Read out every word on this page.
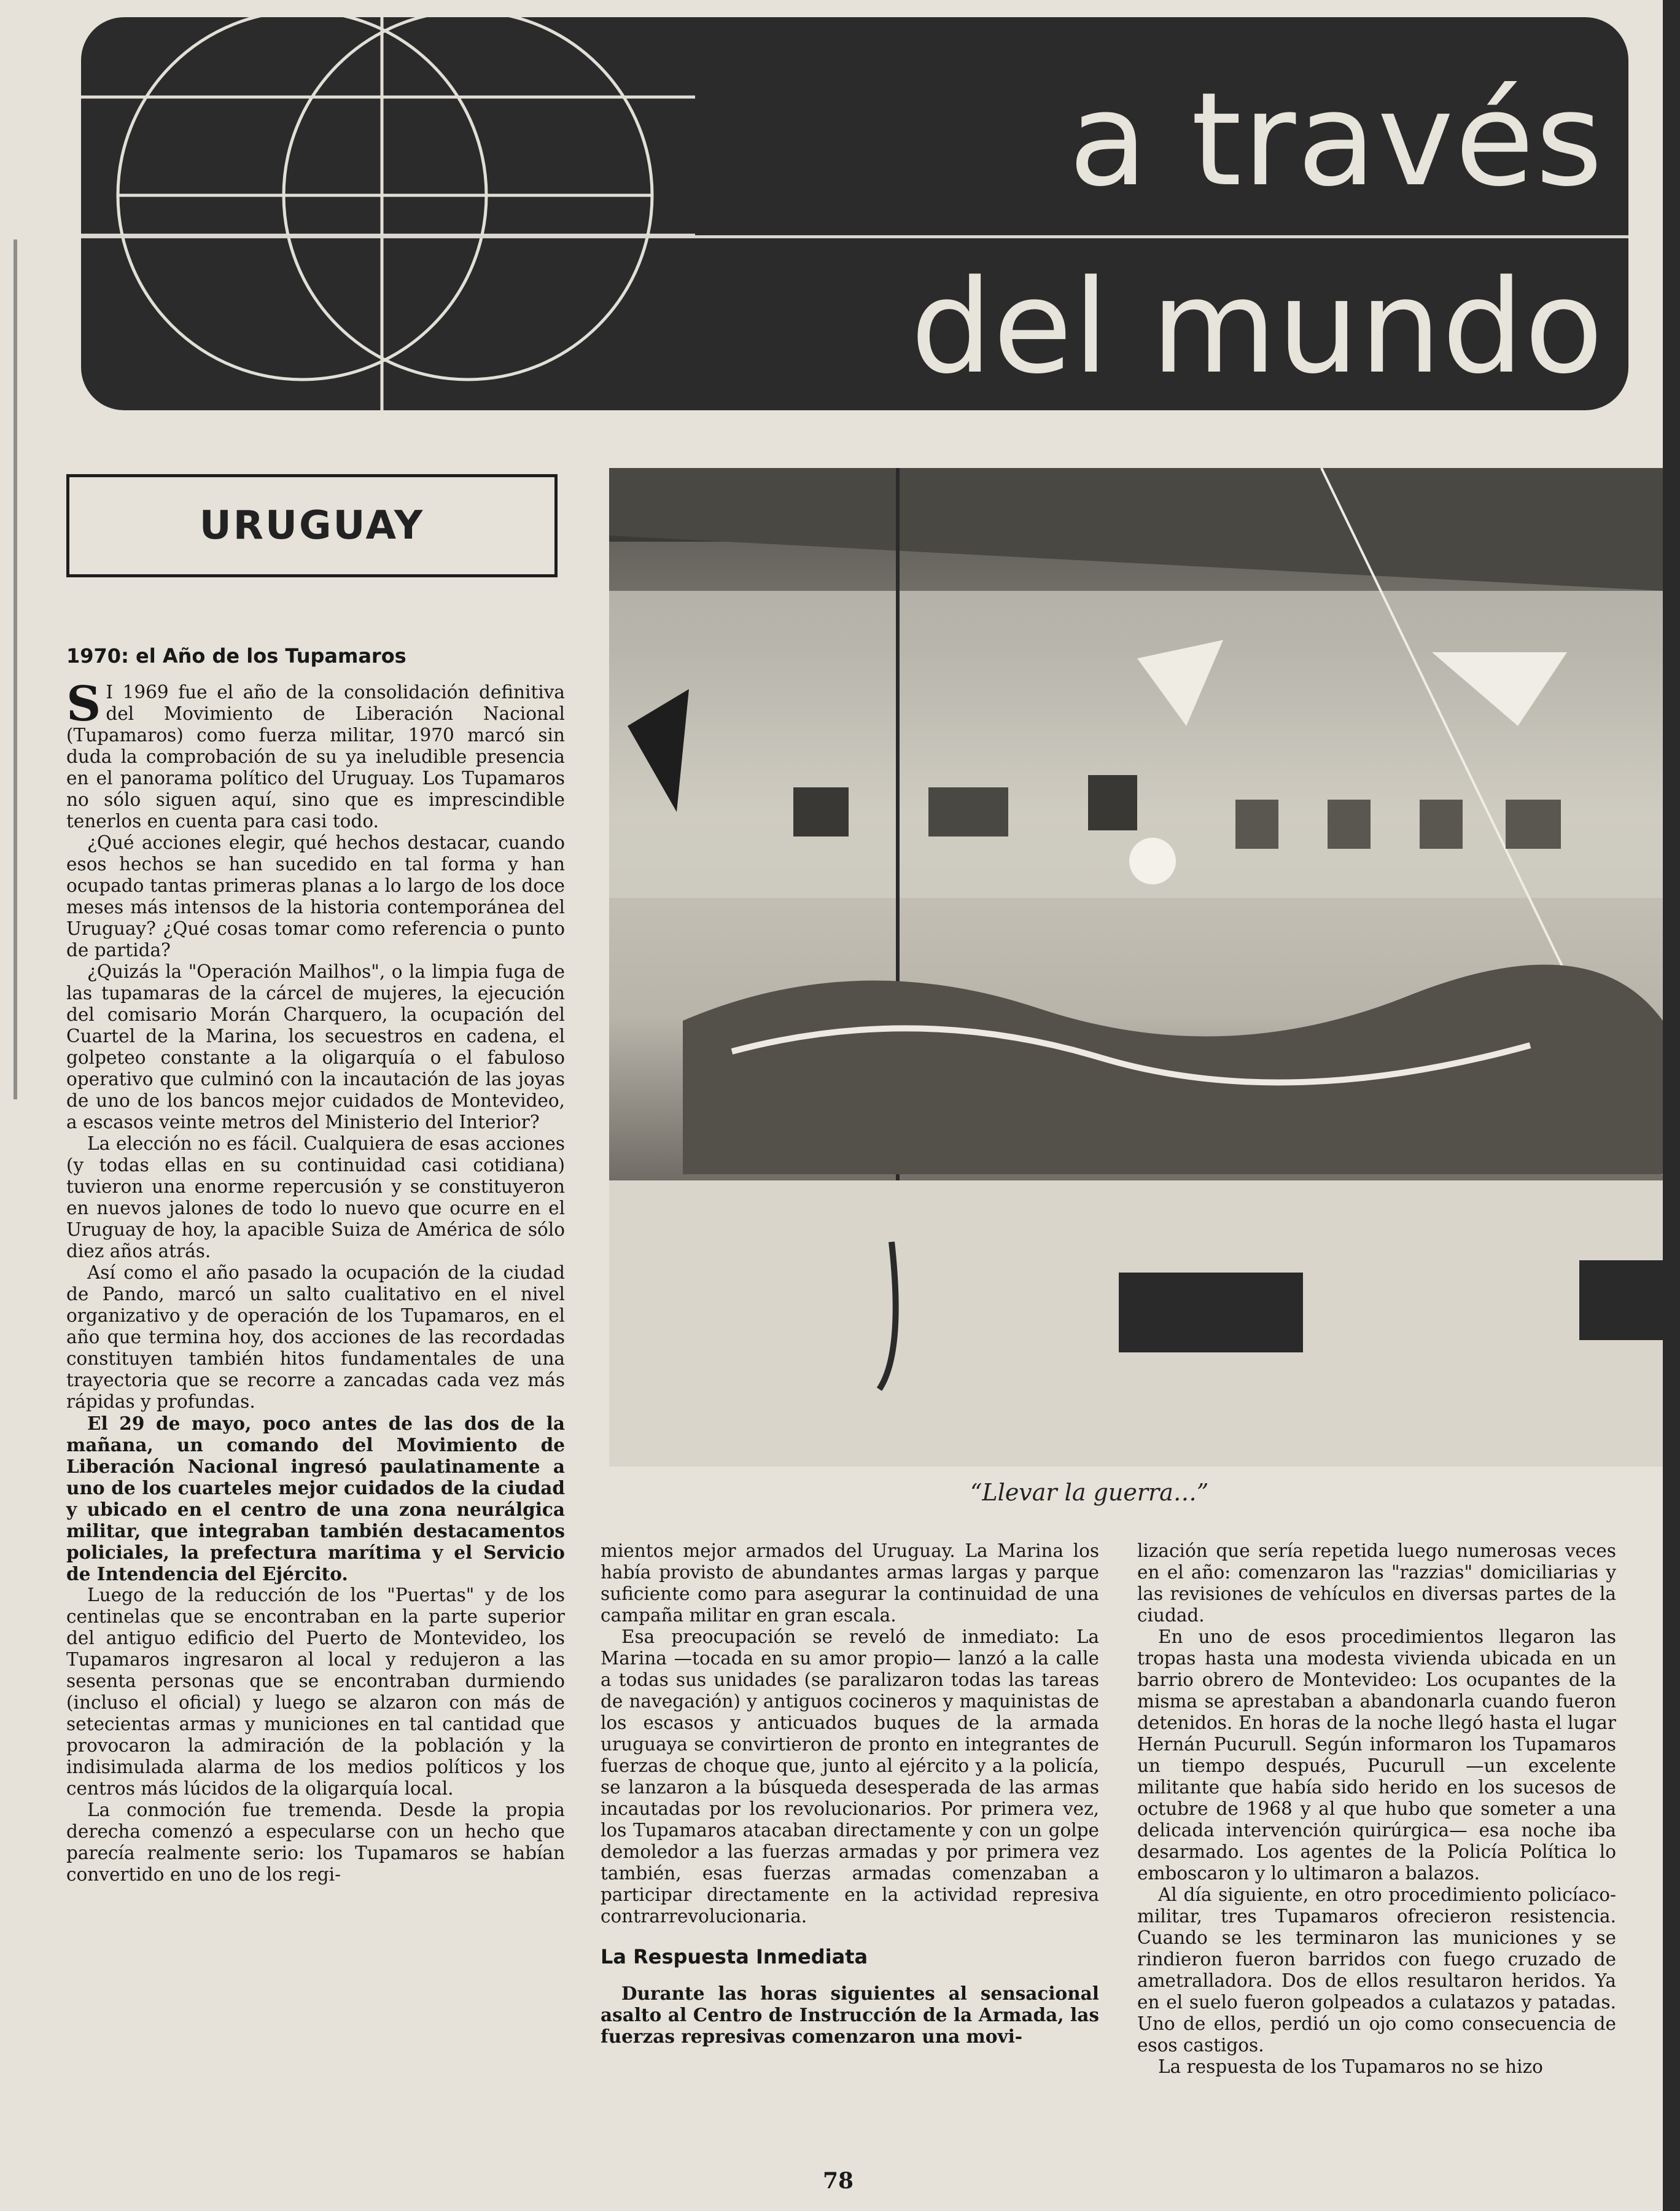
a través
del mundo
URUGUAY
1970: el Año de los Tupamaros

S I 1969 fue el año de la consolidación definitiva del Movimiento de Liberación Nacional (Tupamaros) como fuerza militar, 1970 marcó sin duda la comprobación de su ya ineludible presencia en el panorama político del Uruguay. Los Tupamaros no sólo siguen aquí, sino que es imprescindible tenerlos en cuenta para casi todo.

¿Qué acciones elegir, qué hechos destacar, cuando esos hechos se han sucedido en tal forma y han ocupado tantas primeras planas a lo largo de los doce meses más intensos de la historia contemporánea del Uruguay? ¿Qué cosas tomar como referencia o punto de partida?

¿Quizás la "Operación Mailhos", o la limpia fuga de las tupamaras de la cárcel de mujeres, la ejecución del comisario Morán Charquero, la ocupación del Cuartel de la Marina, los secuestros en cadena, el golpeteo constante a la oligarquía o el fabuloso operativo que culminó con la incautación de las joyas de uno de los bancos mejor cuidados de Montevideo, a escasos veinte metros del Ministerio del Interior?

La elección no es fácil. Cualquiera de esas acciones (y todas ellas en su continuidad casi cotidiana) tuvieron una enorme repercusión y se constituyeron en nuevos jalones de todo lo nuevo que ocurre en el Uruguay de hoy, la apacible Suiza de América de sólo diez años atrás.

Así como el año pasado la ocupación de la ciudad de Pando, marcó un salto cualitativo en el nivel organizativo y de operación de los Tupamaros, en el año que termina hoy, dos acciones de las recordadas constituyen también hitos fundamentales de una trayectoria que se recorre a zancadas cada vez más rápidas y profundas.

El 29 de mayo, poco antes de las dos de la mañana, un comando del Movimiento de Liberación Nacional ingresó paulatinamente a uno de los cuarteles mejor cuidados de la ciudad y ubicado en el centro de una zona neurálgica militar, que integraban también destacamentos policiales, la prefectura marítima y el Servicio de Intendencia del Ejército.

Luego de la reducción de los "Puertas" y de los centinelas que se encontraban en la parte superior del antiguo edificio del Puerto de Montevideo, los Tupamaros ingresaron al local y redujeron a las sesenta personas que se encontraban durmiendo (incluso el oficial) y luego se alzaron con más de setecientas armas y municiones en tal cantidad que provocaron la admiración de la población y la indisimulada alarma de los medios políticos y los centros más lúcidos de la oligarquía local.

La conmoción fue tremenda. Desde la propia derecha comenzó a especularse con un hecho que parecía realmente serio: los Tupamaros se habían convertido en uno de los regi-

“Llevar la guerra…”

mientos mejor armados del Uruguay. La Marina los había provisto de abundantes armas largas y parque suficiente como para asegurar la continuidad de una campaña militar en gran escala.

Esa preocupación se reveló de inmediato: La Marina —tocada en su amor propio— lanzó a la calle a todas sus unidades (se paralizaron todas las tareas de navegación) y antiguos cocineros y maquinistas de los escasos y anticuados buques de la armada uruguaya se convirtieron de pronto en integrantes de fuerzas de choque que, junto al ejército y a la policía, se lanzaron a la búsqueda desesperada de las armas incautadas por los revolucionarios. Por primera vez, los Tupamaros atacaban directamente y con un golpe demoledor a las fuerzas armadas y por primera vez también, esas fuerzas armadas comenzaban a participar directamente en la actividad represiva contrarrevolucionaria.

La Respuesta Inmediata

Durante las horas siguientes al sensacional asalto al Centro de Instrucción de la Armada, las fuerzas represivas comenzaron una movi-

lización que sería repetida luego numerosas veces en el año: comenzaron las "razzias" domiciliarias y las revisiones de vehículos en diversas partes de la ciudad.

En uno de esos procedimientos llegaron las tropas hasta una modesta vivienda ubicada en un barrio obrero de Montevideo: Los ocupantes de la misma se aprestaban a abandonarla cuando fueron detenidos. En horas de la noche llegó hasta el lugar Hernán Pucurull. Según informaron los Tupamaros un tiempo después, Pucurull —un excelente militante que había sido herido en los sucesos de octubre de 1968 y al que hubo que someter a una delicada intervención quirúrgica— esa noche iba desarmado. Los agentes de la Policía Política lo emboscaron y lo ultimaron a balazos.

Al día siguiente, en otro procedimiento policíaco-militar, tres Tupamaros ofrecieron resistencia. Cuando se les terminaron las municiones y se rindieron fueron barridos con fuego cruzado de ametralladora. Dos de ellos resultaron heridos. Ya en el suelo fueron golpeados a culatazos y patadas. Uno de ellos, perdió un ojo como consecuencia de esos castigos.

La respuesta de los Tupamaros no se hizo

78
